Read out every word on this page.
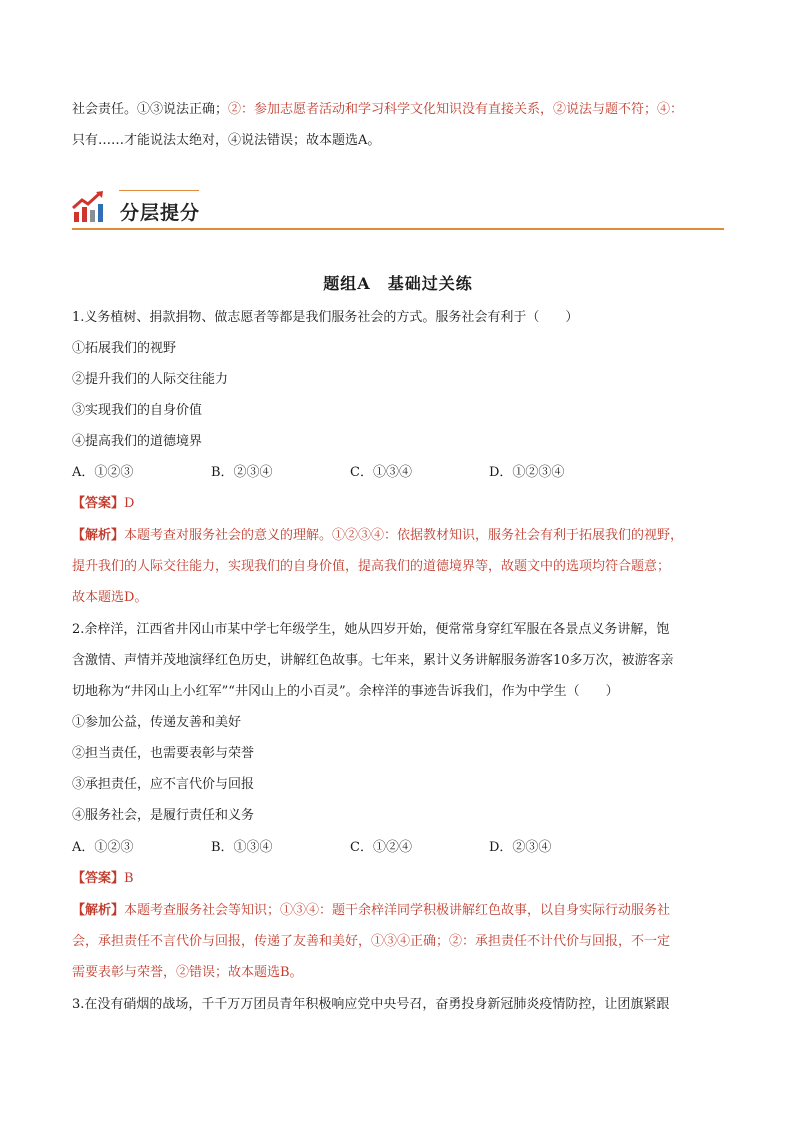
社会责任。①③说法正确；②：参加志愿者活动和学习科学文化知识没有直接关系，②说法与题不符；④：
只有……才能说法太绝对，④说法错误；故本题选A。
分层提分
题组A　基础过关练
1.义务植树、捐款捐物、做志愿者等都是我们服务社会的方式。服务社会有利于（　　）
①拓展我们的视野
②提升我们的人际交往能力
③实现我们的自身价值
④提高我们的道德境界
A．①②③	B．②③④	C．①③④	D．①②③④
【答案】D
【解析】本题考查对服务社会的意义的理解。①②③④：依据教材知识，服务社会有利于拓展我们的视野，
提升我们的人际交往能力，实现我们的自身价值，提高我们的道德境界等，故题文中的选项均符合题意；
故本题选D。
2.余梓洋，江西省井冈山市某中学七年级学生，她从四岁开始，便常常身穿红军服在各景点义务讲解，饱
含激情、声情并茂地演绎红色历史，讲解红色故事。七年来，累计义务讲解服务游客10多万次，被游客亲
切地称为“井冈山上小红军”“井冈山上的小百灵”。余梓洋的事迹告诉我们，作为中学生（　　）
①参加公益，传递友善和美好
②担当责任，也需要表彰与荣誉
③承担责任，应不言代价与回报
④服务社会，是履行责任和义务
A．①②③	B．①③④	C．①②④	D．②③④
【答案】B
【解析】本题考查服务社会等知识；①③④：题干余梓洋同学积极讲解红色故事，以自身实际行动服务社
会，承担责任不言代价与回报，传递了友善和美好，①③④正确；②：承担责任不计代价与回报，不一定
需要表彰与荣誉，②错误；故本题选B。
3.在没有硝烟的战场，千千万万团员青年积极响应党中央号召，奋勇投身新冠肺炎疫情防控，让团旗紧跟
